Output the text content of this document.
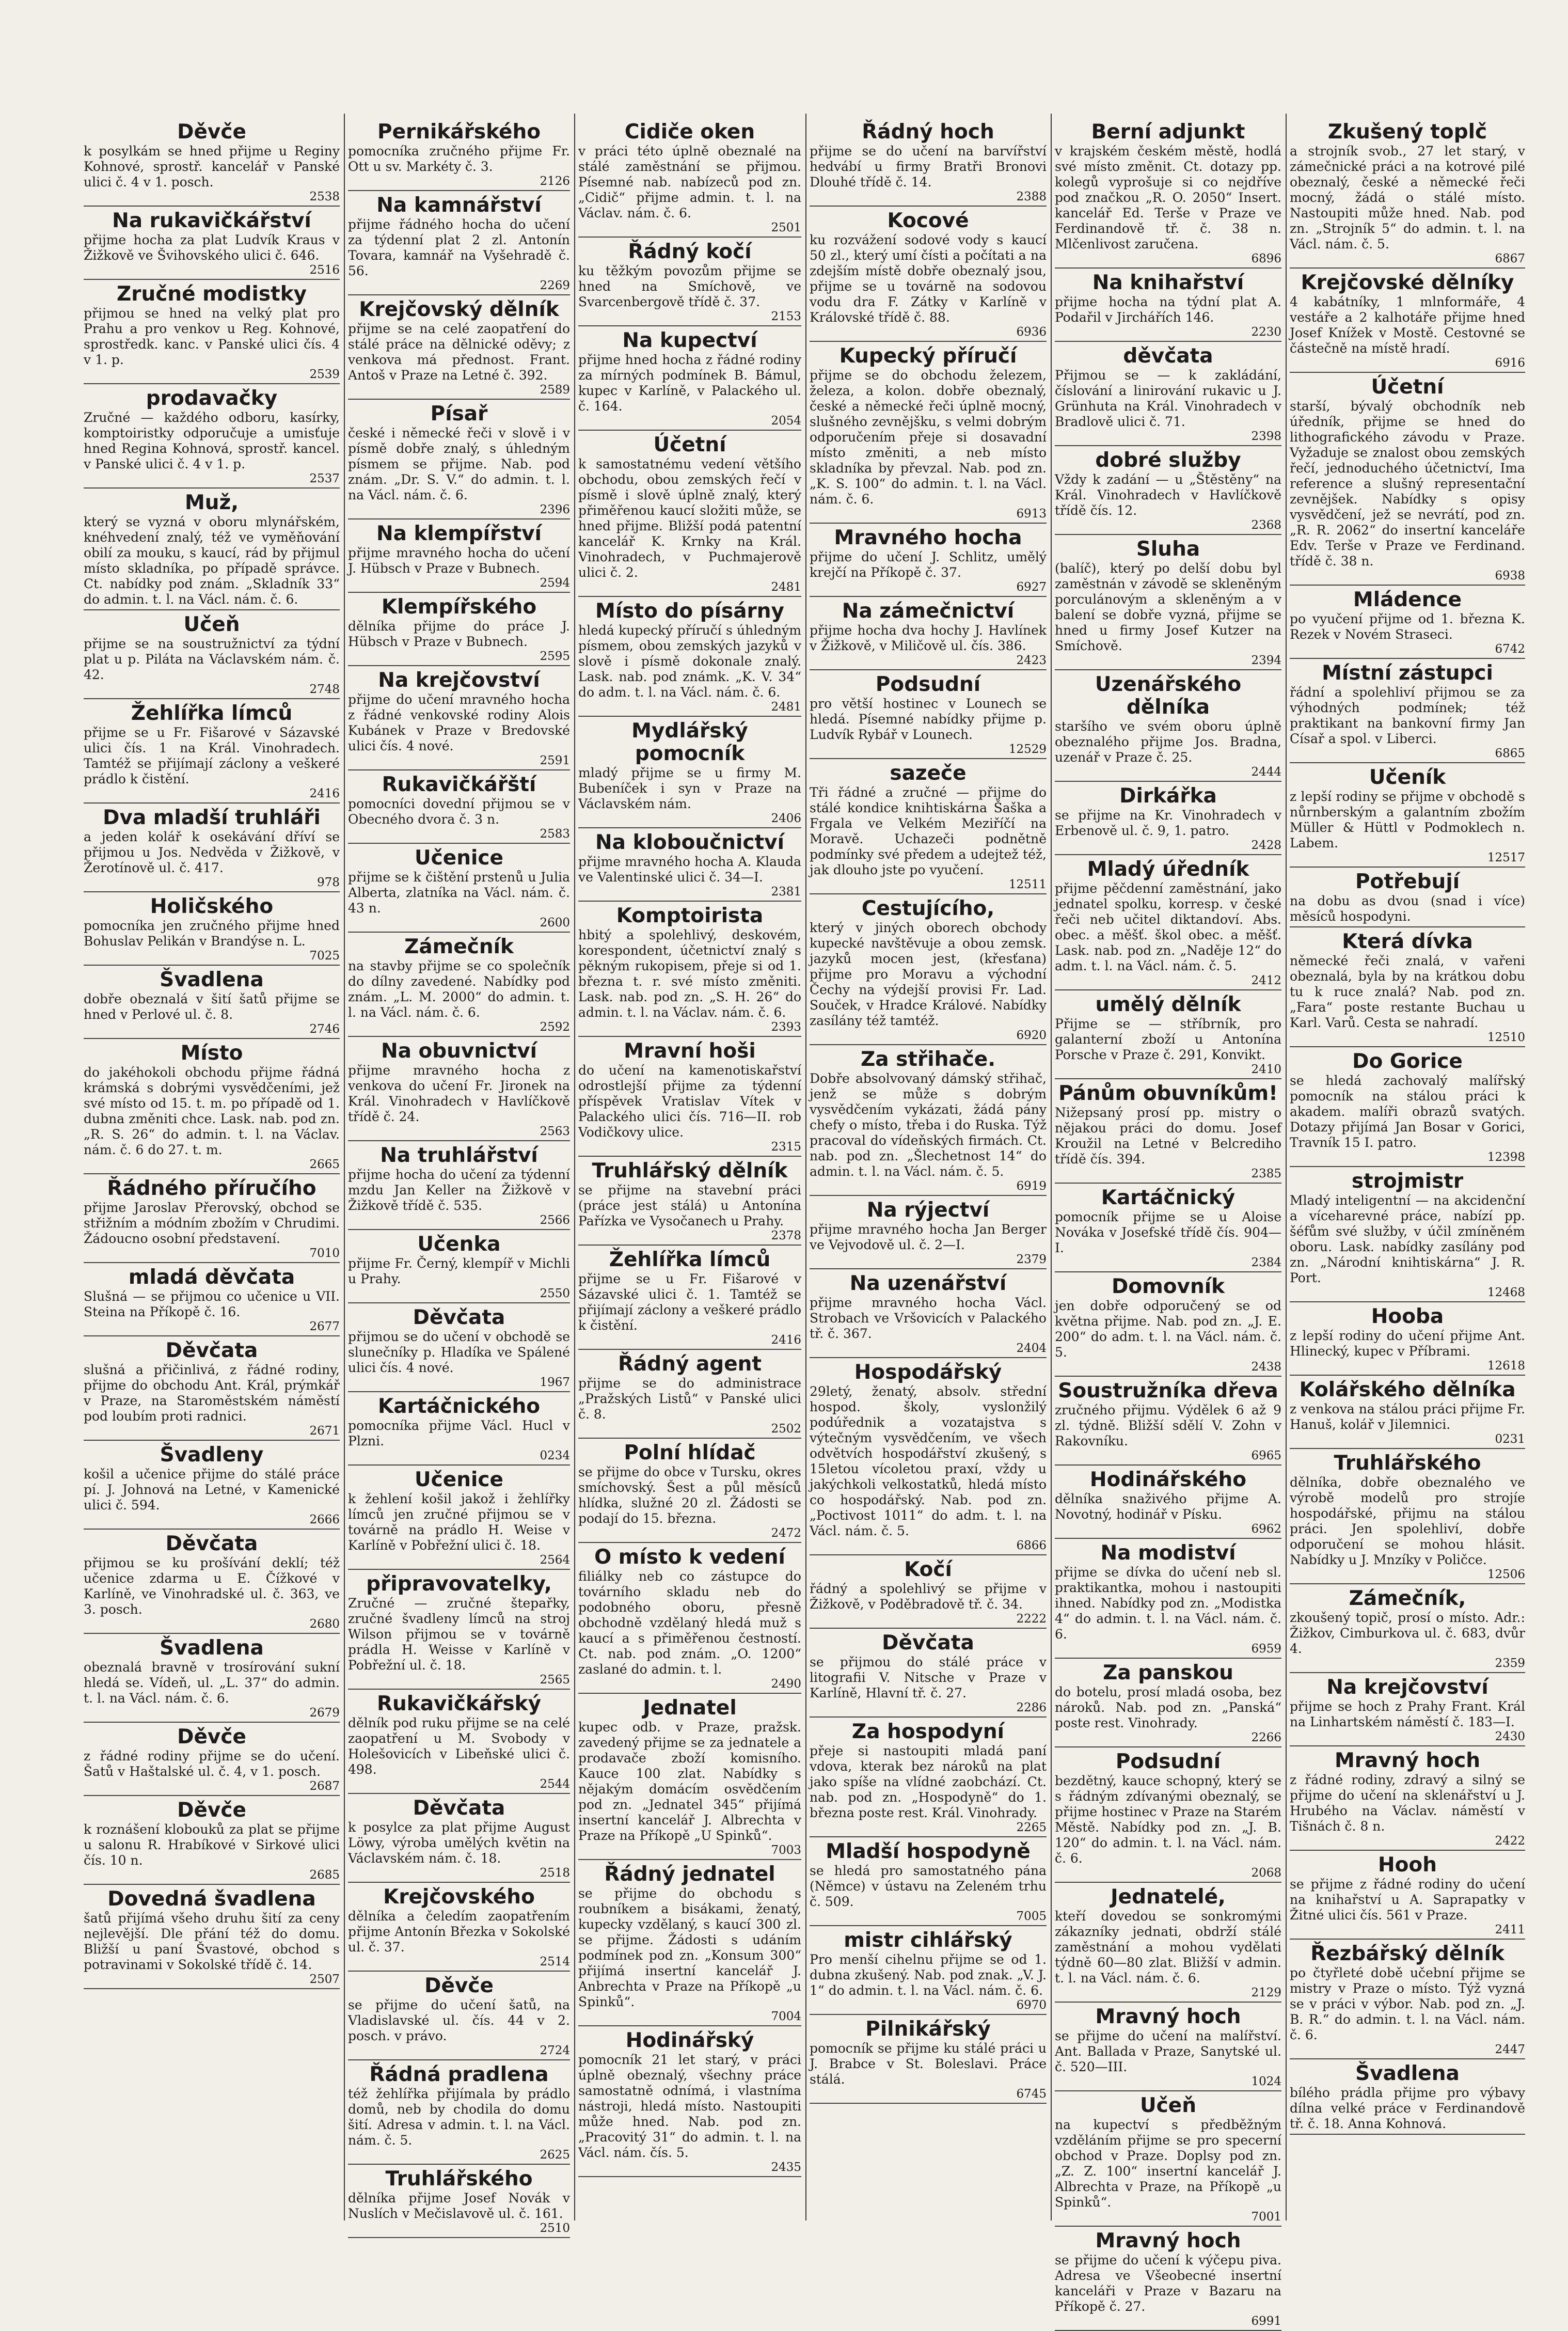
Děvče
k posylkám se hned přijme u Reginy Kohnové, sprostř. kancelář v Panské ulici č. 4 v 1. posch.
2538
Na rukavičkářství
přijme hocha za plat Ludvík Kraus v Žižkově ve Švihovského ulici č. 646.
2516
Zručné modistky
přijmou se hned na velký plat pro Prahu a pro venkov u Reg. Kohnové, sprostředk. kanc. v Panské ulici čís. 4 v 1. p.
2539
prodavačky
Zručné — každého odboru, kasírky, komptoiristky odporučuje a umisťuje hned Regina Kohnová, sprostř. kancel. v Panské ulici č. 4 v 1. p.
2537
Muž,
který se vyzná v oboru mlynářském, knéhvedení znalý, též ve vyměňování obilí za mouku, s kaucí, rád by přijmul místo skladníka, po případě správce. Ct. nabídky pod znám. „Skladník 33“ do admin. t. l. na Václ. nám. č. 6.
Učeň
přijme se na soustružnictví za týdní plat u p. Piláta na Václavském nám. č. 42.
2748
Žehlířka límců
přijme se u Fr. Fišarové v Sázavské ulici čís. 1 na Král. Vinohradech. Tamtéž se přijímají záclony a veškeré prádlo k čistění.
2416
Dva mladší truhláři
a jeden kolář k osekávání dříví se přijmou u Jos. Nedvěda v Žižkově, v Žerotínově ul. č. 417.
978
Holičského
pomocníka jen zručného přijme hned Bohuslav Pelikán v Brandýse n. L.
7025
Švadlena
dobře obeznalá v šití šatů přijme se hned v Perlové ul. č. 8.
2746
Místo
do jakéhokoli obchodu přijme řádná krámská s dobrými vysvědčeními, jež své místo od 15. t. m. po případě od 1. dubna změniti chce. Lask. nab. pod zn. „R. S. 26“ do admin. t. l. na Václav. nám. č. 6 do 27. t. m.
2665
Řádného příručího
přijme Jaroslav Přerovský, obchod se střižním a módním zbožím v Chrudimi. Žádoucno osobní představení.
7010
mladá děvčata
Slušná — se přijmou co učenice u VII. Steina na Příkopě č. 16.
2677
Děvčata
slušná a přičinlivá, z řádné rodiny, přijme do obchodu Ant. Král, prýmkář v Praze, na Staroměstském náměstí pod loubím proti radnici.
2671
Švadleny
košil a učenice přijme do stálé práce pí. J. Johnová na Letné, v Kamenické ulici č. 594.
2666
Děvčata
přijmou se ku prošívání deklí; též učenice zdarma u E. Čížkové v Karlíně, ve Vinohradské ul. č. 363, ve 3. posch.
2680
Švadlena
obeznalá bravně v trosírování sukní hledá se. Vídeň, ul. „L. 37“ do admin. t. l. na Václ. nám. č. 6.
2679
Děvče
z řádné rodiny přijme se do učení. Šatů v Haštalské ul. č. 4, v 1. posch.
2687
Děvče
k roznášení klobouků za plat se přijme u salonu R. Hrabíkové v Sirkové ulici čís. 10 n.
2685
Dovedná švadlena
šatů přijímá všeho druhu šití za ceny nejlevější. Dle přání též do domu. Bližší u paní Švastové, obchod s potravinami v Sokolské třídě č. 14.
2507
Pernikářského
pomocníka zručného přijme Fr. Ott u sv. Markéty č. 3.
2126
Na kamnářství
přijme řádného hocha do učení za týdenní plat 2 zl. Antonín Tovara, kamnář na Vyšehradě č. 56.
2269
Krejčovský dělník
přijme se na celé zaopatření do stálé práce na dělnické oděvy; z venkova má přednost. Frant. Antoš v Praze na Letné č. 392.
2589
Písař
české i německé řeči v slově i v písmě dobře znalý, s úhledným písmem se přijme. Nab. pod znám. „Dr. S. V.“ do admin. t. l. na Václ. nám. č. 6.
2396
Na klempířství
přijme mravného hocha do učení J. Hübsch v Praze v Bubnech.
2594
Klempířského
dělníka přijme do práce J. Hübsch v Praze v Bubnech.
2595
Na krejčovství
přijme do učení mravného hocha z řádné venkovské rodiny Alois Kubánek v Praze v Bredovské ulici čís. 4 nové.
2591
Rukavičkářští
pomocníci dovední přijmou se v Obecného dvora č. 3 n.
2583
Učenice
přijme se k čištění prstenů u Julia Alberta, zlatníka na Václ. nám. č. 43 n.
2600
Zámečník
na stavby přijme se co společník do dílny zavedené. Nabídky pod znám. „L. M. 2000“ do admin. t. l. na Václ. nám. č. 6.
2592
Na obuvnictví
přijme mravného hocha z venkova do učení Fr. Jironek na Král. Vinohradech v Havlíčkově třídě č. 24.
2563
Na truhlářství
přijme hocha do učení za týdenní mzdu Jan Keller na Žižkově v Žižkově třídě č. 535.
2566
Učenka
přijme Fr. Černý, klempíř v Michli u Prahy.
2550
Děvčata
přijmou se do učení v obchodě se slunečníky p. Hladíka ve Spálené ulici čís. 4 nové.
1967
Kartáčnického
pomocníka přijme Václ. Hucl v Plzni.
0234
Učenice
k žehlení košil jakož i žehlířky límců jen zručné přijmou se v továrně na prádlo H. Weise v Karlíně v Pobřežní ulici č. 18.
2564
připravovatelky,
Zručné — zručné štepařky, zručné švadleny límců na stroj Wilson přijmou se v továrně prádla H. Weisse v Karlíně v Pobřežní ul. č. 18.
2565
Rukavičkářský
dělník pod ruku přijme se na celé zaopatření u M. Svobody v Holešovicích v Libeňské ulici č. 498.
2544
Děvčata
k posylce za plat přijme August Löwy, výroba umělých květin na Václavském nám. č. 18.
2518
Krejčovského
dělníka a čeledím zaopatřením přijme Antonín Březka v Sokolské ul. č. 37.
2514
Děvče
se přijme do učení šatů, na Vladislavské ul. čís. 44 v 2. posch. v právo.
2724
Řádná pradlena
též žehlířka přijímala by prádlo domů, neb by chodila do domu šití. Adresa v admin. t. l. na Václ. nám. č. 5.
2625
Truhlářského
dělníka přijme Josef Novák v Nuslích v Mečislavově ul. č. 161.
2510
Cidiče oken
v práci této úplně obeznalé na stálé zaměstnání se přijmou. Písemné nab. nabízeců pod zn. „Cidič“ přijme admin. t. l. na Václav. nám. č. 6.
2501
Řádný kočí
ku těžkým povozům přijme se hned na Smíchově, ve Svarcenbergově třídě č. 37.
2153
Na kupectví
přijme hned hocha z řádné rodiny za mírných podmínek B. Bámul, kupec v Karlíně, v Palackého ul. č. 164.
2054
Účetní
k samostatnému vedení většího obchodu, obou zemských řečí v písmě i slově úplně znalý, který přiměřenou kaucí složiti může, se hned přijme. Bližší podá patentní kancelář K. Krnky na Král. Vinohradech, v Puchmajerově ulici č. 2.
2481
Místo do písárny
hledá kupecký příručí s úhledným písmem, obou zemských jazyků v slově i písmě dokonale znalý. Lask. nab. pod známk. „K. V. 34“ do adm. t. l. na Václ. nám. č. 6.
2481
Mydlářský pomocník
mladý přijme se u firmy M. Bubeníček i syn v Praze na Václavském nám.
2406
Na kloboučnictví
přijme mravného hocha A. Klauda ve Valentinské ulici č. 34—I.
2381
Komptoiristа
hbitý a spolehlivý, deskovém, korespondent, účetnictví znalý s pěkným rukopisem, přeje si od 1. března t. r. své místo změniti. Lask. nab. pod zn. „S. H. 26“ do admin. t. l. na Václav. nám. č. 6.
2393
Mravní hoši
do učení na kamenotiskařství odrostlejší přijme za týdenní příspěvek Vratislav Vítek v Palackého ulici čís. 716—II. rob Vodičkovy ulice.
2315
Truhlářský dělník
se přijme na stavební práci (práce jest stálá) u Antonína Pařízka ve Vysočanech u Prahy.
2378
Žehlířka límců
přijme se u Fr. Fišarové v Sázavské ulici č. 1. Tamtéž se přijímají záclony a veškeré prádlo k čistění.
2416
Řádný agent
přijme se do administrace „Pražských Listů“ v Panské ulici č. 8.
2502
Polní hlídač
se přijme do obce v Tursku, okres smíchovský. Šest a půl měsíců hlídka, služné 20 zl. Žádosti se podají do 15. března.
2472
O místo k vedení
filiálky neb co zástupce do továrního skladu neb do podobného oboru, přesně obchodně vzdělaný hledá muž s kaucí a s přiměřenou čestností. Ct. nab. pod znám. „O. 1200“ zaslané do admin. t. l.
2490
Jednatel
kupec odb. v Praze, pražsk. zavedený přijme se za jednatele a prodavače zboží komisního. Kauce 100 zlat. Nabídky s nějakým domácím osvědčením pod zn. „Jednatel 345“ přijímá insertní kancelář J. Albrechta v Praze na Příkopě „U Spinků“.
7003
Řádný jednatel
se přijme do obchodu s roubníkem a bisákami, ženatý, kupecky vzdělaný, s kaucí 300 zl. se přijme. Žádosti s udáním podmínek pod zn. „Konsum 300“ přijímá insertní kancelář J. Anbrechta v Praze na Příkopě „u Spinků“.
7004
Hodinářský
pomocník 21 let starý, v práci úplně obeznalý, všechny práce samostatně odnímá, i vlastníma nástroji, hledá místo. Nastoupiti může hned. Nab. pod zn. „Pracovitý 31“ do admin. t. l. na Václ. nám. čís. 5.
2435
Řádný hoch
přijme se do učení na barvířství hedvábí u firmy Bratři Bronovi Dlouhé třídě č. 14.
2388
Kocové
ku rozvážení sodové vody s kaucí 50 zl., který umí čísti a počítati a na zdejším místě dobře obeznalý jsou, přijme se u továrně na sodovou vodu dra F. Zátky v Karlíně v Královské třídě č. 88.
6936
Kupecký příručí
přijme se do obchodu železem, železa, a kolon. dobře obeznalý, české a německé řeči úplně mocný, slušného zevnějšku, s velmi dobrým odporučením přeje si dosavadní místo změniti, a neb místo skladníka by převzal. Nab. pod zn. „K. S. 100“ do admin. t. l. na Václ. nám. č. 6.
6913
Mravného hocha
přijme do učení J. Schlitz, umělý krejčí na Příkopě č. 37.
6927
Na zámečnictví
přijme hocha dva hochy J. Havlínek v Žižkově, v Miličově ul. čís. 386.
2423
Podsudní
pro větší hostinec v Lounech se hledá. Písemné nabídky přijme p. Ludvík Rybář v Lounech.
12529
sazeče
Tři řádné a zručné — přijme do stálé kondice knihtiskárna Šaška a Frgala ve Velkém Meziříčí na Moravě. Uchazeči podnětně podmínky své předem a udejtež též, jak dlouho jste po vyučení.
12511
Cestujícího,
který v jiných oborech obchody kupecké navštěvuje a obou zemsk. jazyků mocen jest, (křesťana) přijme pro Moravu a východní Čechy na výdejší provisi Fr. Lad. Souček, v Hradce Králové. Nabídky zasílány též tamtéž.
6920
Za střihače.
Dobře absolvovaný dámský střihač, jenž se může s dobrým vysvědčením vykázati, žádá pány chefy o místo, třeba i do Ruska. Týž pracoval do vídeňských firmách. Ct. nab. pod zn. „Šlechetnost 14“ do admin. t. l. na Václ. nám. č. 5.
6919
Na rýjectví
přijme mravného hocha Jan Berger ve Vejvodově ul. č. 2—I.
2379
Na uzenářství
přijme mravného hocha Václ. Strobach ve Vršovicích v Palackého tř. č. 367.
2404
Hospodářský
29letý, ženatý, absolv. střední hospod. školy, vyslonžilý podúřednik a vozatajstva s výtečným vysvědčením, ve všech odvětvích hospodářství zkušený, s 15letou vícoletou praxí, vždy u jakýchkoli velkostatků, hledá místo co hospodářský. Nab. pod zn. „Poctivost 1011“ do adm. t. l. na Václ. nám. č. 5.
6866
Kočí
řádný a spolehlivý se přijme v Žižkově, v Poděbradově tř. č. 34.
2222
Děvčata
se přijmou do stálé práce v litografii V. Nitsche v Praze v Karlíně, Hlavní tř. č. 27.
2286
Za hospodyní
přeje si nastoupiti mladá paní vdova, kterak bez nároků na plat jako spíše na vlídné zaobchází. Ct. nab. pod zn. „Hospodyně“ do 1. března poste rest. Král. Vinohrady.
2265
Mladší hospodyně
se hledá pro samostatného pána (Němce) v ústavu na Zeleném trhu č. 509.
7005
mistr cihlářský
Pro menší cihelnu přijme se od 1. dubna zkušený. Nab. pod znak. „V. J. 1“ do admin. t. l. na Václ. nám. č. 6.
6970
Pilnikářský
pomocník se přijme ku stálé práci u J. Brabce v St. Boleslavi. Práce stálá.
6745
Berní adjunkt
v krajském českém městě, hodlá své místo změnit. Ct. dotazy pp. kolegů vyprošuje si co nejdříve pod značkou „R. O. 2050“ Insert. kancelář Ed. Terše v Praze ve Ferdinandově tř. č. 38 n. Mlčenlivost zaručena.
6896
Na knihařství
přijme hocha na týdní plat A. Podařil v Jirchářích 146.
2230
děvčata
Přijmou se — k zakládání, číslování a linirování rukavic u J. Grünhuta na Král. Vinohradech v Bradlově ulici č. 71.
2398
dobré služby
Vždy k zadání — u „Štěstěny“ na Král. Vinohradech v Havlíčkově třídě čís. 12.
2368
Sluha
(balíč), který po delší dobu byl zaměstnán v závodě se skleněným porculánovým a skleněným a v balení se dobře vyzná, přijme se hned u firmy Josef Kutzer na Smíchově.
2394
Uzenářského dělníka
staršího ve svém oboru úplně obeznalého přijme Jos. Bradna, uzenář v Praze č. 25.
2444
Dirkářka
se přijme na Kr. Vinohradech v Erbenově ul. č. 9, 1. patro.
2428
Mladý úředník
přijme pěčdenní zaměstnání, jako jednatel spolku, korresp. v české řeči neb učitel diktandoví. Abs. obec. a měšť. škol obec. a měšť. Lask. nab. pod zn. „Naděje 12“ do adm. t. l. na Václ. nám. č. 5.
2412
umělý dělník
Přijme se — stříbrník, pro galanterní zboží u Antonína Porsche v Praze č. 291, Konvikt.
2410
Pánům obuvníkům!
Nižepsaný prosí pp. mistry o nějakou práci do domu. Josef Kroužil na Letné v Belcrediho třídě čís. 394.
2385
Kartáčnický
pomocník přijme se u Aloise Nováka v Josefské třídě čís. 904—I.
2384
Domovník
jen dobře odporučený se od května přijme. Nab. pod zn. „J. E. 200“ do adm. t. l. na Václ. nám. č. 5.
2438
Soustružníka dřeva
zručného přijmu. Výdělek 6 až 9 zl. týdně. Bližší sdělí V. Zohn v Rakovníku.
6965
Hodinářského
dělníka snaživého přijme A. Novotný, hodinář v Písku.
6962
Na modiství
přijme se dívka do učení neb sl. praktikantka, mohou i nastoupiti ihned. Nabídky pod zn. „Modistka 4“ do admin. t. l. na Václ. nám. č. 6.
6959
Za panskou
do botelu, prosí mladá osoba, bez nároků. Nab. pod zn. „Panská“ poste rest. Vinohrady.
2266
Podsudní
bezdětný, kauce schopný, který se s řádným zdívanými obeznalý, se přijme hostinec v Praze na Starém Městě. Nabídky pod zn. „J. B. 120“ do admin. t. l. na Václ. nám. č. 6.
2068
Jednatelé,
kteří dovedou se sonkromými zákazníky jednati, obdrží stálé zaměstnání a mohou vydělati týdně 60—80 zlat. Bližší v admin. t. l. na Václ. nám. č. 6.
2129
Mravný hoch
se přijme do učení na malířství. Ant. Ballada v Praze, Sanytské ul. č. 520—III.
1024
Učeň
na kupectví s předběžným vzděláním přijme se pro specerní obchod v Praze. Doplsy pod zn. „Z. Z. 100“ insertní kancelář J. Albrechta v Praze, na Příkopě „u Spinků“.
7001
Mravný hoch
se přijme do učení k výčepu piva. Adresa ve Všeobecné insertní kanceláři v Praze v Bazaru na Příkopě č. 27.
6991
Zkušený toplč
a strojník svob., 27 let starý, v zámečnické práci a na kotrové pilé obeznalý, české a německé řeči mocný, žádá o stálé místo. Nastoupiti může hned. Nab. pod zn. „Strojník 5“ do admin. t. l. na Václ. nám. č. 5.
6867
Krejčovské dělníky
4 kabátníky, 1 mlnformáře, 4 vestáře a 2 kalhotáře přijme hned Josef Knížek v Mostě. Cestovné se částečně na místě hradí.
6916
Účetní
starší, bývalý obchodník neb úředník, přijme se hned do lithografického závodu v Praze. Vyžaduje se znalost obou zemských řečí, jednoduchého účetnictví, Ima reference a slušný representační zevnějšek. Nabídky s opisy vysvědčení, jež se nevrátí, pod zn. „R. R. 2062“ do insertní kanceláře Edv. Terše v Praze ve Ferdinand. třídě č. 38 n.
6938
Mládence
po vyučení přijme od 1. března K. Rezek v Novém Straseci.
6742
Místní zástupci
řádní a spolehliví přijmou se za výhodných podmínek; též praktikant na bankovní firmy Jan Císař a spol. v Liberci.
6865
Učeník
z lepší rodiny se přijme v obchodě s nůrnberským a galantním zbožím Müller & Hüttl v Podmoklech n. Labem.
12517
Potřebují
na dobu as dvou (snad i více) měsíců hospodyni.
Která dívka
německé řeči znalá, v vařeni obeznalá, byla by na krátkou dobu tu k ruce znalá? Nab. pod zn. „Fara“ poste restante Buchau u Karl. Varů. Cesta se nahradí.
12510
Do Gorice
se hledá zachovalý malířský pomocník na stálou práci k akadem. malíři obrazů svatých. Dotazy přijímá Jan Bosar v Gorici, Travník 15 I. patro.
12398
strojmistr
Mladý inteligentní — na akcidenční a víceharevné práce, nabízí pp. šéfům své služby, v účil zmíněném oboru. Lask. nabídky zasílány pod zn. „Národní knihtiskárna“ J. R. Port.
12468
Hooba
z lepší rodiny do učení přijme Ant. Hlinecký, kupec v Příbrami.
12618
Kolářského dělníka
z venkova na stálou práci přijme Fr. Hanuš, kolář v Jilemnici.
0231
Truhlářského
dělníka, dobře obeznalého ve výrobě modelů pro strojíe hospodářské, přijmu na stálou práci. Jen spolehliví, dobře odporučení se mohou hlásit. Nabídky u J. Mnzíky v Poličce.
12506
Zámečník,
zkoušený topič, prosí o místo. Adr.: Žižkov, Cimburkova ul. č. 683, dvůr 4.
2359
Na krejčovství
přijme se hoch z Prahy Frant. Král na Linhartském náměstí č. 183—I.
2430
Mravný hoch
z řádné rodiny, zdravý a silný se přijme do učení na sklenářství u J. Hrubého na Václav. náměstí v Tišnách č. 8 n.
2422
Hooh
se přijme z řádné rodiny do učení na knihařství u A. Saprapatky v Žitné ulici čís. 561 v Praze.
2411
Řezbářský dělník
po čtyřleté době učební přijme se mistry v Praze o místo. Týž vyzná se v práci v výbor. Nab. pod zn. „J. B. R.“ do admin. t. l. na Václ. nám. č. 6.
2447
Švadlena
bílého prádla přijme pro výbavy dílna velké práce v Ferdinandově tř. č. 18. Anna Kohnová.
